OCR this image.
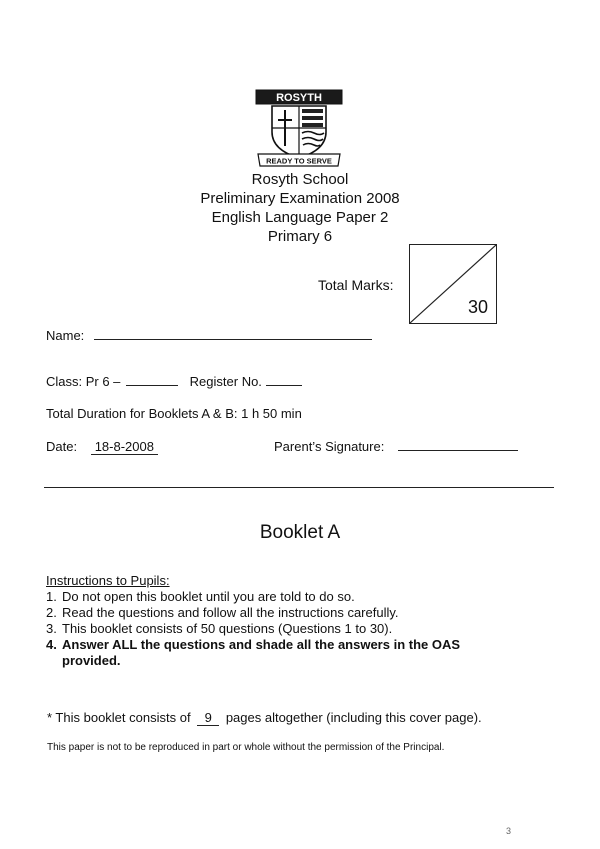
ROSYTH
READY TO SERVE
Rosyth School
Preliminary Examination 2008
English Language Paper 2
Primary 6
Total Marks:
30
Name:
Class: Pr 6 –	Register No.
Total Duration for Booklets A & B: 1 h 50 min
Date: 18-8-2008	Parent’s Signature:
Booklet A
Instructions to Pupils:
1. Do not open this booklet until you are told to do so.
2. Read the questions and follow all the instructions carefully.
3. This booklet consists of 50 questions (Questions 1 to 30).
4. Answer ALL the questions and shade all the answers in the OAS provided.
* This booklet consists of 9 pages altogether (including this cover page).
This paper is not to be reproduced in part or whole without the permission of the Principal.
3
